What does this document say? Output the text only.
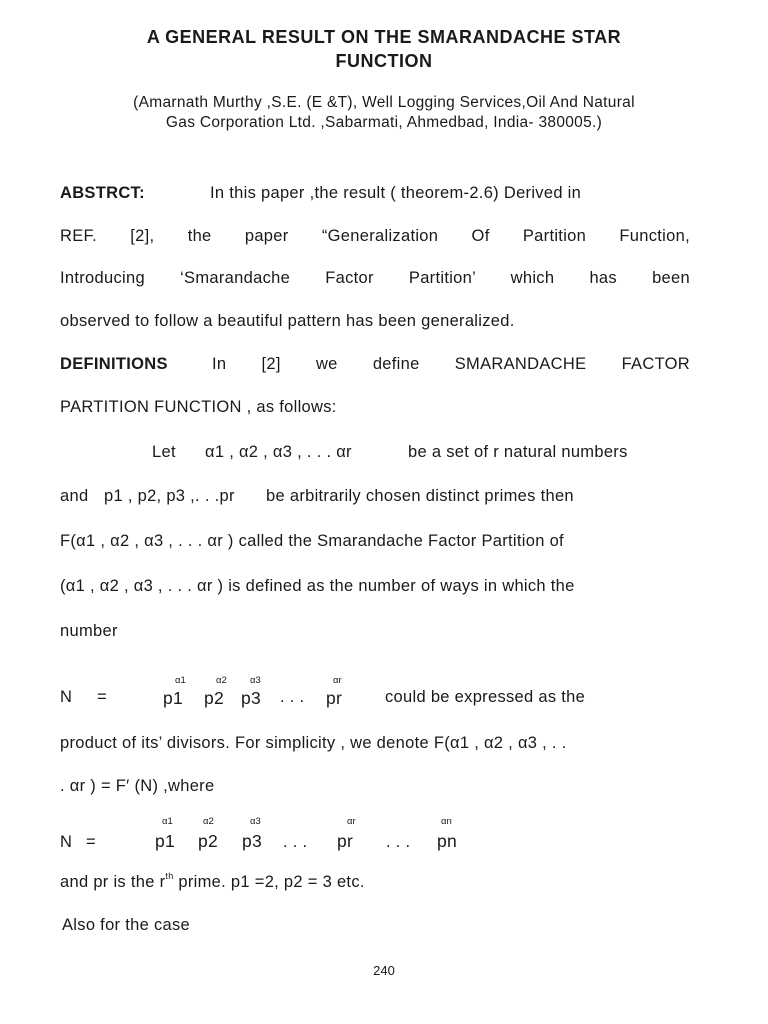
A GENERAL RESULT ON THE SMARANDACHE STAR
FUNCTION
(Amarnath Murthy ,S.E. (E &T), Well Logging Services,Oil And Natural
Gas Corporation Ltd. ,Sabarmati, Ahmedbad, India- 380005.)
ABSTRCT:	In this paper ,the result ( theorem-2.6) Derived in
REF. [2], the paper “Generalization Of Partition Function,
Introducing ‘Smarandache Factor Partition’ which has been
observed to follow a beautiful pattern has been generalized.
DEFINITIONS	In [2] we define SMARANDACHE FACTOR
PARTITION FUNCTION , as follows:
Let α1 , α2 , α3 , . . . αr	be a set of r natural numbers
and p1 , p2, p3 ,. . .pr be arbitrarily chosen distinct primes then
F(α1 , α2 , α3 , . . . αr ) called the Smarandache Factor Partition of
(α1 , α2 , α3 , . . . αr ) is defined as the number of ways in which the
number
α1	α2 α3	αr
N =	p1 p2 p3 . . . pr	could be expressed as the
product of its’ divisors. For simplicity , we denote F(α1 , α2 , α3 , . .
. αr ) = F′ (N) ,where
α1	α2	α3	αr	αn
N =	p1 p2 p3 . . . pr . . . pn
and pr is the $r^{th}$ prime. p1 =2, p2 = 3 etc.
Also for the case
240
